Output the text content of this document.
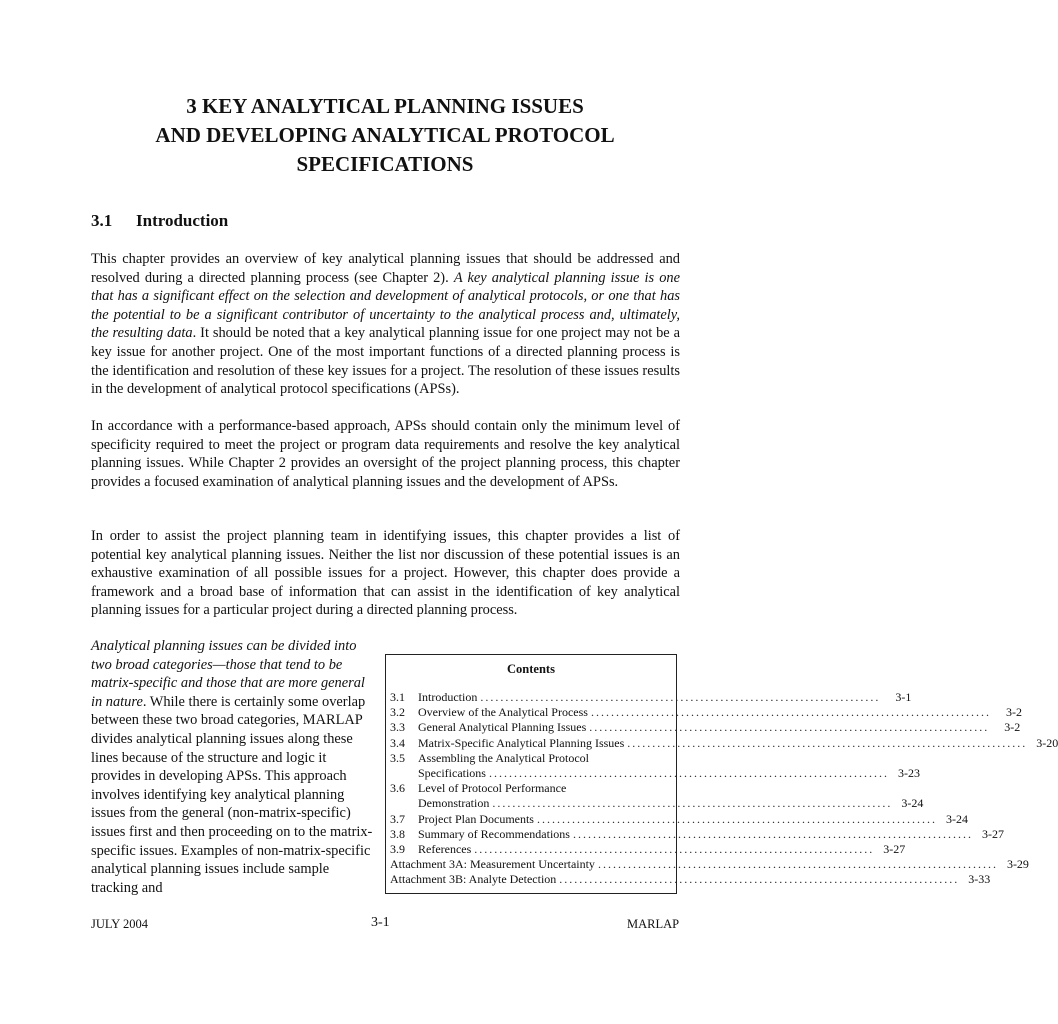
3 KEY ANALYTICAL PLANNING ISSUES
AND DEVELOPING ANALYTICAL PROTOCOL
SPECIFICATIONS
3.1 Introduction

This chapter provides an overview of key analytical planning issues that should be addressed and resolved during a directed planning process (see Chapter 2). A key analytical planning issue is one that has a significant effect on the selection and development of analytical protocols, or one that has the potential to be a significant contributor of uncertainty to the analytical process and, ultimately, the resulting data. It should be noted that a key analytical planning issue for one project may not be a key issue for another project. One of the most important functions of a directed planning process is the identification and resolution of these key issues for a project. The resolution of these issues results in the development of analytical protocol specifications (APSs).

In accordance with a performance-based approach, APSs should contain only the minimum level of specificity required to meet the project or program data requirements and resolve the key analytical planning issues. While Chapter 2 provides an oversight of the project planning process, this chapter provides a focused examination of analytical planning issues and the development of APSs.

In order to assist the project planning team in identifying issues, this chapter provides a list of potential key analytical planning issues. Neither the list nor discussion of these potential issues is an exhaustive examination of all possible issues for a project. However, this chapter does provide a framework and a broad base of information that can assist in the identification of key analytical planning issues for a particular project during a directed planning process.

Analytical planning issues can be divided into two broad categories—those that tend to be matrix-specific and those that are more general in nature. While there is certainly some overlap between these two broad categories, MARLAP divides analytical planning issues along these lines because of the structure and logic it provides in developing APSs. This approach involves identifying key analytical planning issues from the general (non-matrix-specific) issues first and then proceeding on to the matrix-specific issues. Examples of non-matrix-specific analytical planning issues include sample tracking and

Contents
3.1	Introduction ................................................................................	3-1
3.2	Overview of the Analytical Process ................................................................................	3-2
3.3	General Analytical Planning Issues ................................................................................	3-2
3.4	Matrix-Specific Analytical Planning Issues ................................................................................ 3-20
3.5	Assembling the Analytical Protocol
Specifications ................................................................................ 3-23
3.6	Level of Protocol Performance
Demonstration ................................................................................ 3-24
3.7	Project Plan Documents ................................................................................ 3-24
3.8	Summary of Recommendations ................................................................................ 3-27
3.9	References ................................................................................ 3-27
Attachment 3A: Measurement Uncertainty ................................................................................ 3-29
Attachment 3B: Analyte Detection ................................................................................ 3-33
JULY 2004	3-1	MARLAP
